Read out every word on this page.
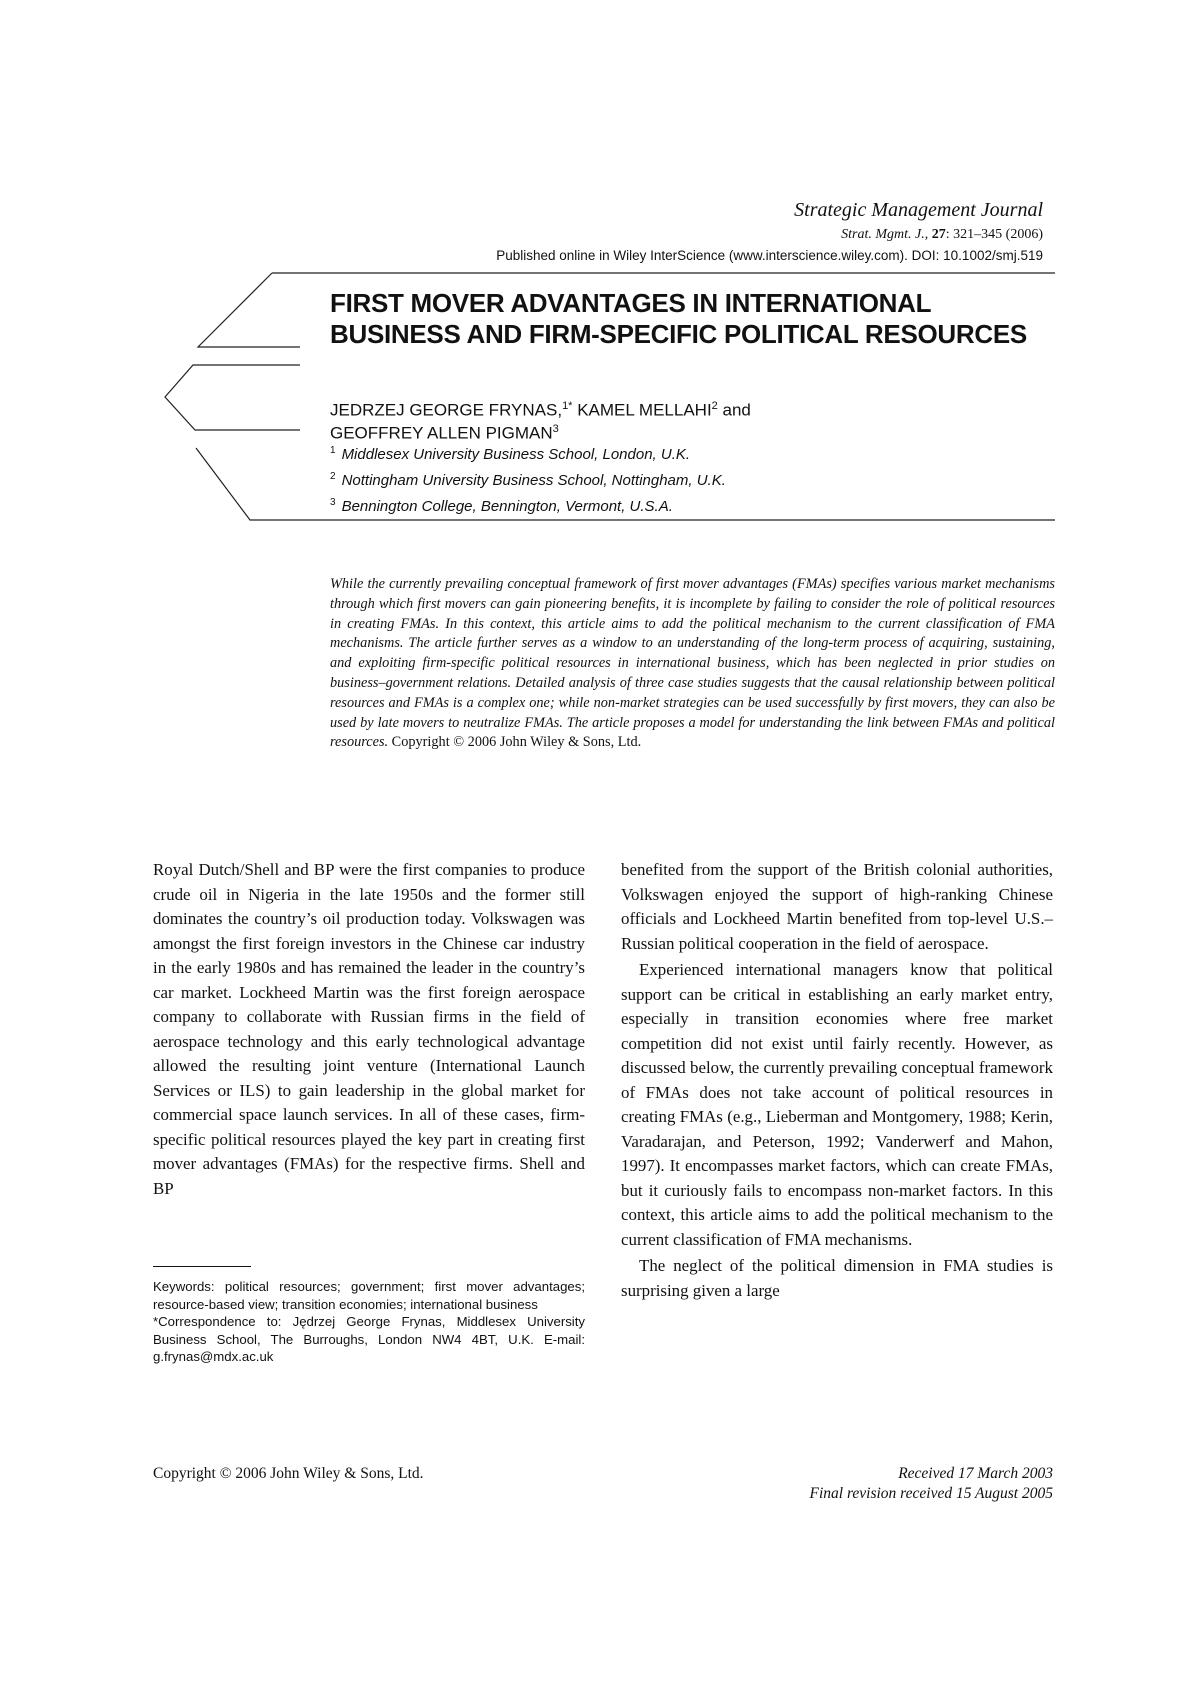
Strategic Management Journal
Strat. Mgmt. J., 27: 321–345 (2006)
Published online in Wiley InterScience (www.interscience.wiley.com). DOI: 10.1002/smj.519
FIRST MOVER ADVANTAGES IN INTERNATIONAL BUSINESS AND FIRM-SPECIFIC POLITICAL RESOURCES
JEDRZEJ GEORGE FRYNAS,$^{1*}$ KAMEL MELLAHI$^2$ and
GEOFFREY ALLEN PIGMAN$^3$
$^1$ Middlesex University Business School, London, U.K.
$^2$ Nottingham University Business School, Nottingham, U.K.
$^3$ Bennington College, Bennington, Vermont, U.S.A.

While the currently prevailing conceptual framework of first mover advantages (FMAs) specifies various market mechanisms through which first movers can gain pioneering benefits, it is incomplete by failing to consider the role of political resources in creating FMAs. In this context, this article aims to add the political mechanism to the current classification of FMA mechanisms. The article further serves as a window to an understanding of the long-term process of acquiring, sustaining, and exploiting firm-specific political resources in international business, which has been neglected in prior studies on business–government relations. Detailed analysis of three case studies suggests that the causal relationship between political resources and FMAs is a complex one; while non-market strategies can be used successfully by first movers, they can also be used by late movers to neutralize FMAs. The article proposes a model for understanding the link between FMAs and political resources. Copyright © 2006 John Wiley & Sons, Ltd.

Royal Dutch/Shell and BP were the first companies to produce crude oil in Nigeria in the late 1950s and the former still dominates the country’s oil production today. Volkswagen was amongst the first foreign investors in the Chinese car industry in the early 1980s and has remained the leader in the country’s car market. Lockheed Martin was the first foreign aerospace company to collaborate with Russian firms in the field of aerospace technology and this early technological advantage allowed the resulting joint venture (International Launch Services or ILS) to gain leadership in the global market for commercial space launch services. In all of these cases, firm-specific political resources played the key part in creating first mover advantages (FMAs) for the respective firms. Shell and BP

Keywords: political resources; government; first mover advantages; resource-based view; transition economies; international business

*Correspondence to: Jędrzej George Frynas, Middlesex University Business School, The Burroughs, London NW4 4BT, U.K. E-mail: g.frynas@mdx.ac.uk

benefited from the support of the British colonial authorities, Volkswagen enjoyed the support of high-ranking Chinese officials and Lockheed Martin benefited from top-level U.S.–Russian political cooperation in the field of aerospace.

Experienced international managers know that political support can be critical in establishing an early market entry, especially in transition economies where free market competition did not exist until fairly recently. However, as discussed below, the currently prevailing conceptual framework of FMAs does not take account of political resources in creating FMAs (e.g., Lieberman and Montgomery, 1988; Kerin, Varadarajan, and Peterson, 1992; Vanderwerf and Mahon, 1997). It encompasses market factors, which can create FMAs, but it curiously fails to encompass non-market factors. In this context, this article aims to add the political mechanism to the current classification of FMA mechanisms.

The neglect of the political dimension in FMA studies is surprising given a large

Copyright © 2006 John Wiley & Sons, Ltd.	Received 17 March 2003
Final revision received 15 August 2005
